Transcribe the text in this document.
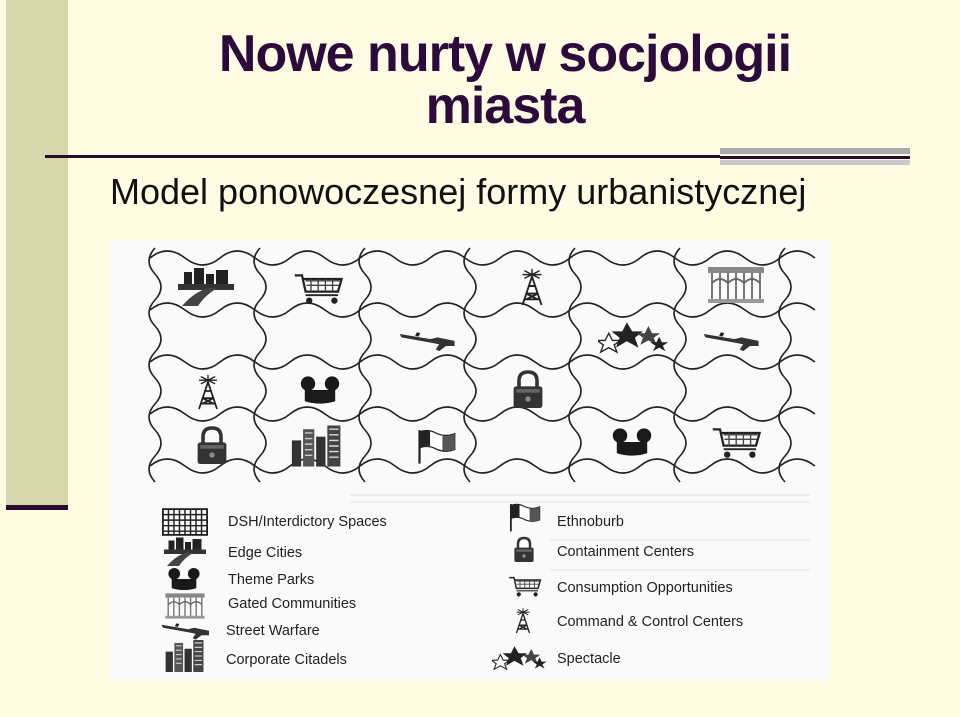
Nowe nurty w socjologii
miasta
Model ponowoczesnej formy urbanistycznej
DSH/Interdictory Spaces
Edge Cities
Theme Parks
Gated Communities
Street Warfare
Corporate Citadels
Ethnoburb
Containment Centers
Consumption Opportunities
Command & Control Centers
Spectacle
